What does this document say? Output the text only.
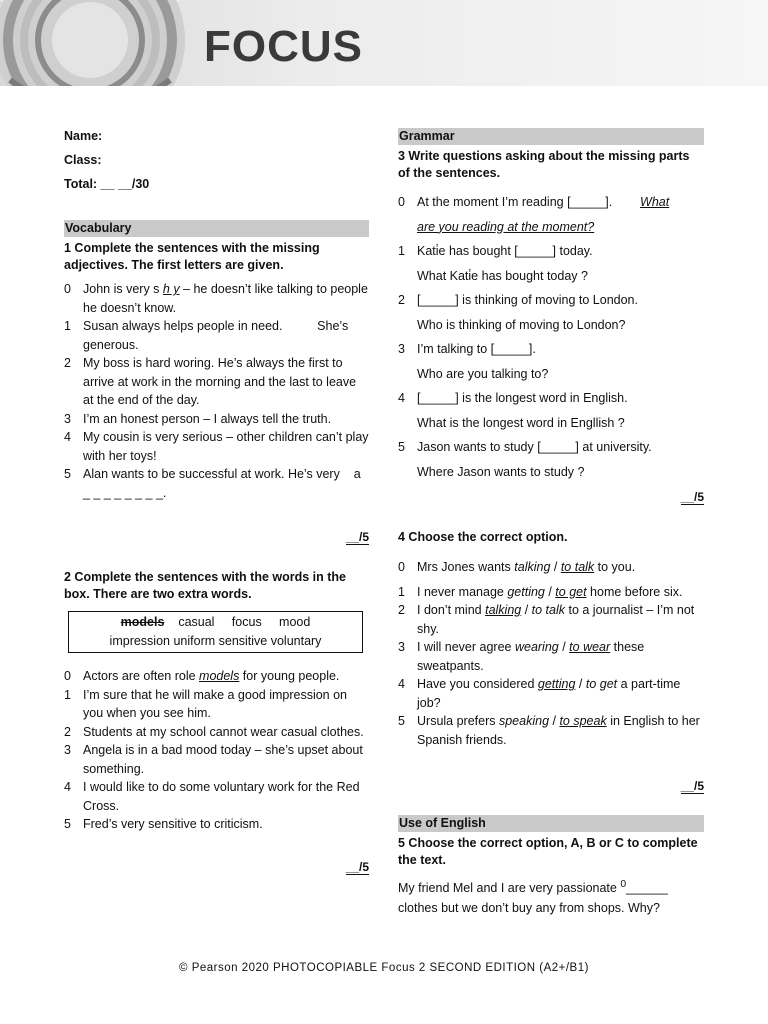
FOCUS
Name:
Class:
Total: __ __/30
Vocabulary
1 Complete the sentences with the missing adjectives. The first letters are given.
0 John is very s h y – he doesn’t like talking to people he doesn’t know.
1 Susan always helps people in need.          She’s generous.
2 My boss is hard woring. He’s always the first to arrive at work in the morning and the last to leave at the end of the day.
3 I’m an honest person – I always tell the truth.
4 My cousin is very serious – other children can’t play with her toys!
5 Alan wants to be successful at work. He’s very    a _ _ _ _ _ _ _ _.
__/5
2 Complete the sentences with the words in the box. There are two extra words.
models    casual     focus     mood
impression uniform sensitive voluntary
0 Actors are often role models for young people.
1 I’m sure that he will make a good impression on you when you see him.
2 Students at my school cannot wear casual clothes.
3 Angela is in a bad mood today – she’s upset about something.
4 I would like to do some voluntary work for the Red Cross.
5 Fred’s very sensitive to criticism.
__/5
Grammar
3 Write questions asking about the missing parts of the sentences.
0 At the moment I’m reading [_____].        What
are you reading at the moment?
1 Kati̇e has bought [_____] today.
What Kati̇e has bought today ?
2 [_____] is thinking of moving to London.
Who is thinking of moving to London?
3 I’m talking to [_____].
Who are you talking to?
4 [_____] is the longest word in English.
What is the longest word in Engllish ?
5 Jason wants to study [_____] at university.
Where Jason wants to study ?
__/5
4 Choose the correct option.
0 Mrs Jones wants talking / to talk to you.
1 I never manage getting / to get home before six.
2 I don’t mind talking / to talk to a journalist – I’m not shy.
3 I will never agree wearing / to wear these sweatpants.
4 Have you considered getting / to get a part-time job?
5 Ursula prefers speaking / to speak in English to her Spanish friends.
__/5
Use of English
5 Choose the correct option, A, B or C to complete the text.
My friend Mel and I are very passionate $^0$______ clothes but we don’t buy any from shops. Why?
© Pearson 2020 PHOTOCOPIABLE Focus 2 SECOND EDITION (A2+/B1)
